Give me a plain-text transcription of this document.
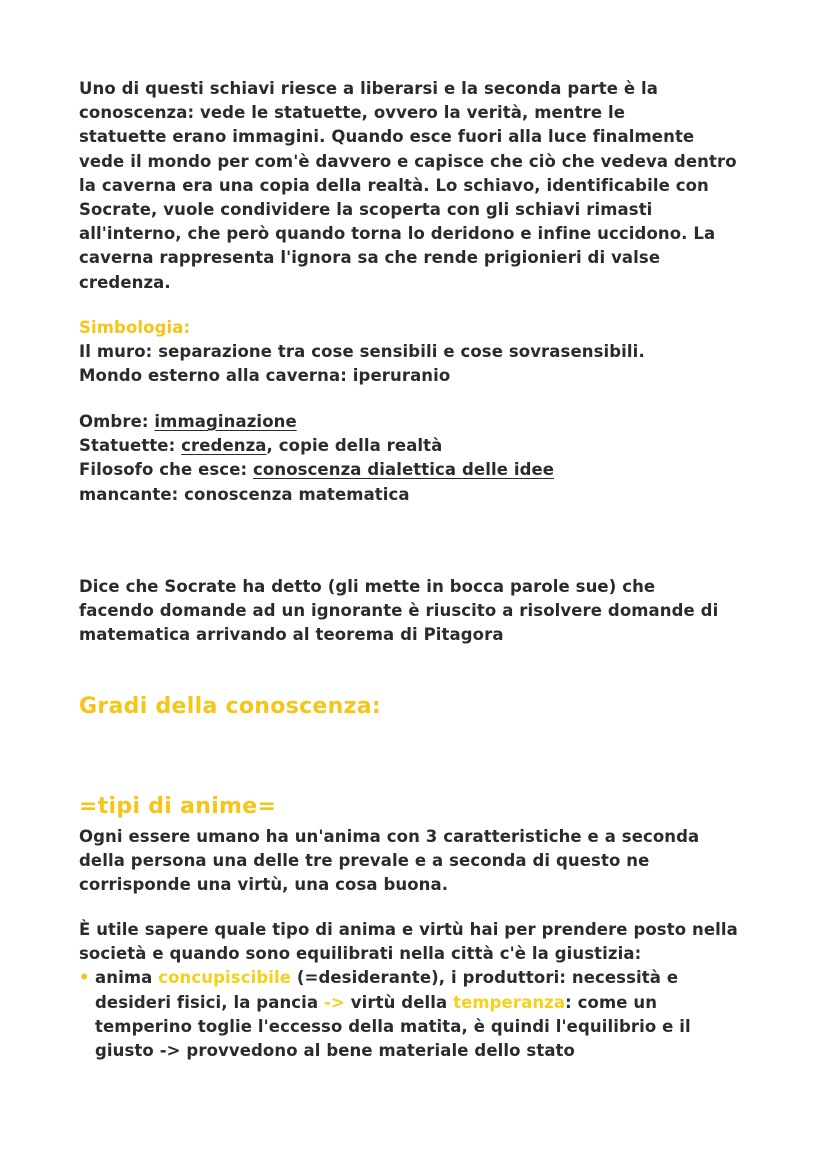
Uno di questi schiavi riesce a liberarsi e la seconda parte è la

conoscenza: vede le statuette, ovvero la verità, mentre le

statuette erano immagini. Quando esce fuori alla luce finalmente

vede il mondo per com'è davvero e capisce che ciò che vedeva dentro

la caverna era una copia della realtà. Lo schiavo, identificabile con

Socrate, vuole condividere la scoperta con gli schiavi rimasti

all'interno, che però quando torna lo deridono e infine uccidono. La

caverna rappresenta l'ignora sa che rende prigionieri di valse

credenza.

Simbologia:

Il muro: separazione tra cose sensibili e cose sovrasensibili.

Mondo esterno alla caverna: iperuranio

Ombre: immaginazione

Statuette: credenza, copie della realtà

Filosofo che esce: conoscenza dialettica delle idee

mancante: conoscenza matematica

Dice che Socrate ha detto (gli mette in bocca parole sue) che

facendo domande ad un ignorante è riuscito a risolvere domande di

matematica arrivando al teorema di Pitagora

Gradi della conoscenza:
=tipi di anime=

Ogni essere umano ha un'anima con 3 caratteristiche e a seconda

della persona una delle tre prevale e a seconda di questo ne

corrisponde una virtù, una cosa buona.

È utile sapere quale tipo di anima e virtù hai per prendere posto nella

società e quando sono equilibrati nella città c'è la giustizia:

• anima concupiscibile (=desiderante), i produttori: necessità e
desideri fisici, la pancia -> virtù della temperanza: come un
temperino toglie l'eccesso della matita, è quindi l'equilibrio e il
giusto -> provvedono al bene materiale dello stato
